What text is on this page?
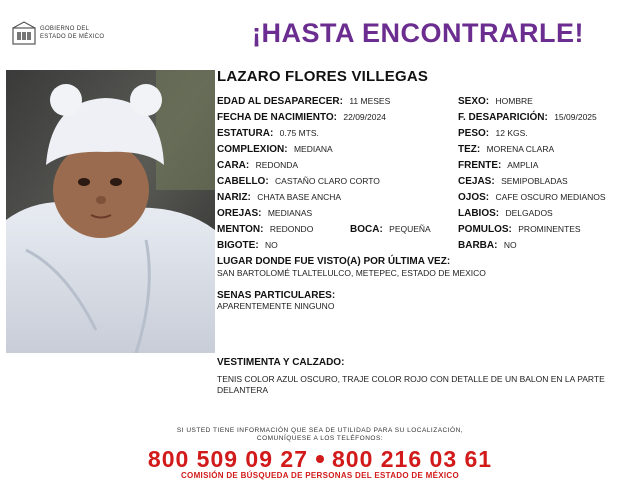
GOBIERNO DEL
ESTADO DE MÉXICO	¡HASTA ENCONTRARLE!
LAZARO FLORES VILLEGAS
EDAD AL DESAPARECER: 11 MESES	SEXO: HOMBRE
FECHA DE NACIMIENTO: 22/09/2024	F. DESAPARICIÓN: 15/09/2025
ESTATURA: 0.75 MTS.	PESO: 12 KGS.
COMPLEXION: MEDIANA	TEZ: MORENA CLARA
CARA: REDONDA	FRENTE: AMPLIA
CABELLO: CASTAÑO CLARO CORTO	CEJAS: SEMIPOBLADAS
NARIZ: CHATA BASE ANCHA	OJOS: CAFE OSCURO MEDIANOS
OREJAS: MEDIANAS	LABIOS: DELGADOS
MENTON: REDONDO	BOCA: PEQUEÑA	POMULOS: PROMINENTES
BIGOTE: NO	BARBA: NO
LUGAR DONDE FUE VISTO(A) POR ÚLTIMA VEZ:
SAN BARTOLOMÉ TLALTELULCO, METEPEC, ESTADO DE MEXICO
SENAS PARTICULARES:
APARENTEMENTE NINGUNO
VESTIMENTA Y CALZADO:
TENIS COLOR AZUL OSCURO, TRAJE COLOR ROJO CON DETALLE DE UN BALON EN LA PARTE DELANTERA
SI USTED TIENE INFORMACIÓN QUE SEA DE UTILIDAD PARA SU LOCALIZACIÓN,
COMUNÍQUESE A LOS TELÉFONOS:
800 509 09 27 800 216 03 61
COMISIÓN DE BÚSQUEDA DE PERSONAS DEL ESTADO DE MÉXICO
